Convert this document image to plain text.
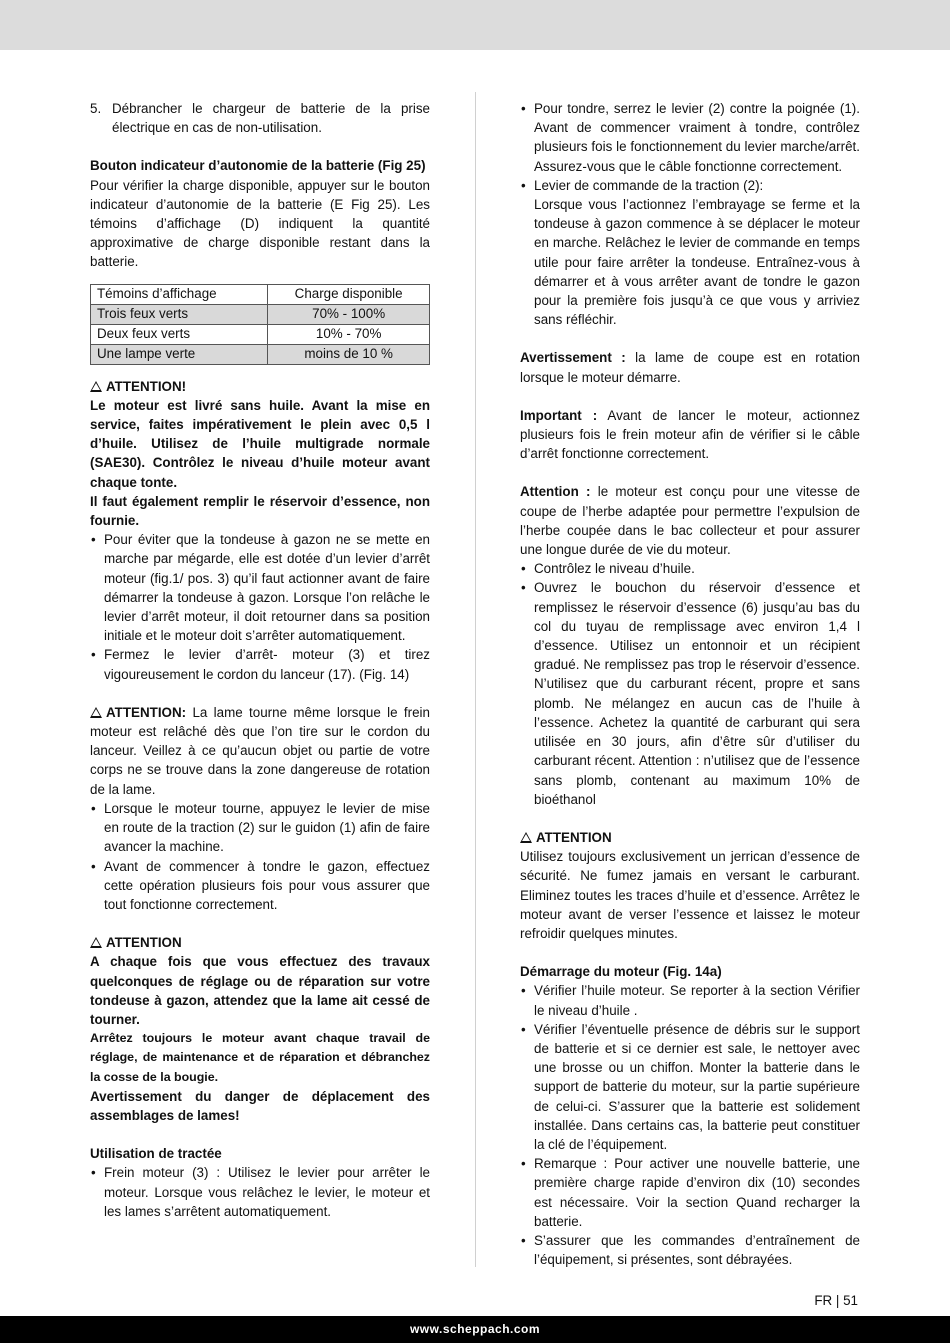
5. Débrancher le chargeur de batterie de la prise électrique en cas de non-utilisation.

Bouton indicateur d’autonomie de la batterie (Fig 25)

Pour vérifier la charge disponible, appuyer sur le bouton indicateur d’autonomie de la batterie (E Fig 25). Les témoins d’affichage (D) indiquent la quantité approximative de charge disponible restant dans la batterie.

Témoins d’affichage	Charge disponible
Trois feux verts	70% - 100%
Deux feux verts	10% - 70%
Une lampe verte	moins de 10 %

ATTENTION!

Le moteur est livré sans huile. Avant la mise en service, faites impérativement le plein avec 0,5 l d’huile. Utilisez de l’huile multigrade normale (SAE30). Contrôlez le niveau d’huile moteur avant chaque tonte.

Il faut également remplir le réservoir d’essence, non fournie.

• Pour éviter que la tondeuse à gazon ne se mette en marche par mégarde, elle est dotée d’un levier d’arrêt moteur (fig.1/ pos. 3) qu’il faut actionner avant de faire démarrer la tondeuse à gazon. Lorsque l’on relâche le levier d’arrêt moteur, il doit retourner dans sa position initiale et le moteur doit s’arrêter automatiquement.
• Fermez le levier d’arrêt- moteur (3) et tirez vigoureusement le cordon du lanceur (17). (Fig. 14)

ATTENTION: La lame tourne même lorsque le frein moteur est relâché dès que l’on tire sur le cordon du lanceur. Veillez à ce qu’aucun objet ou partie de votre corps ne se trouve dans la zone dangereuse de rotation de la lame.

• Lorsque le moteur tourne, appuyez le levier de mise en route de la traction (2) sur le guidon (1) afin de faire avancer la machine.
• Avant de commencer à tondre le gazon, effectuez cette opération plusieurs fois pour vous assurer que tout fonctionne correctement.

ATTENTION

A chaque fois que vous effectuez des travaux quelconques de réglage ou de réparation sur votre tondeuse à gazon, attendez que la lame ait cessé de tourner.

Arrêtez toujours le moteur avant chaque travail de réglage, de maintenance et de réparation et débranchez la cosse de la bougie.

Avertissement du danger de déplacement des assemblages de lames!

Utilisation de tractée

• Frein moteur (3) : Utilisez le levier pour arrêter le moteur. Lorsque vous relâchez le levier, le moteur et les lames s’arrêtent automatiquement.
• Pour tondre, serrez le levier (2) contre la poignée (1). Avant de commencer vraiment à tondre, contrôlez plusieurs fois le fonctionnement du levier marche/arrêt. Assurez-vous que le câble fonctionne correctement.
• Levier de commande de la traction (2):

Lorsque vous l’actionnez l’embrayage se ferme et la tondeuse à gazon commence à se déplacer le moteur en marche. Relâchez le levier de commande en temps utile pour faire arrêter la tondeuse. Entraînez-vous à démarrer et à vous arrêter avant de tondre le gazon pour la première fois jusqu’à ce que vous y arriviez sans réfléchir.

Avertissement : la lame de coupe est en rotation lorsque le moteur démarre.

Important : Avant de lancer le moteur, actionnez plusieurs fois le frein moteur afin de vérifier si le câble d’arrêt fonctionne correctement.

Attention : le moteur est conçu pour une vitesse de coupe de l’herbe adaptée pour permettre l’expulsion de l’herbe coupée dans le bac collecteur et pour assurer une longue durée de vie du moteur.

• Contrôlez le niveau d’huile.
• Ouvrez le bouchon du réservoir d’essence et remplissez le réservoir d’essence (6) jusqu’au bas du col du tuyau de remplissage avec environ 1,4 l d’essence. Utilisez un entonnoir et un récipient gradué. Ne remplissez pas trop le réservoir d’essence. N’utilisez que du carburant récent, propre et sans plomb. Ne mélangez en aucun cas de l’huile à l’essence. Achetez la quantité de carburant qui sera utilisée en 30 jours, afin d’être sûr d’utiliser du carburant récent. Attention : n’utilisez que de l’essence sans plomb, contenant au maximum 10% de bioéthanol

ATTENTION

Utilisez toujours exclusivement un jerrican d’essence de sécurité. Ne fumez jamais en versant le carburant. Eliminez toutes les traces d’huile et d’essence. Arrêtez le moteur avant de verser l’essence et laissez le moteur refroidir quelques minutes.

Démarrage du moteur (Fig. 14a)

• Vérifier l’huile moteur. Se reporter à la section Vérifier le niveau d’huile .
• Vérifier l’éventuelle présence de débris sur le support de batterie et si ce dernier est sale, le nettoyer avec une brosse ou un chiffon. Monter la batterie dans le support de batterie du moteur, sur la partie supérieure de celui-ci. S’assurer que la batterie est solidement installée. Dans certains cas, la batterie peut constituer la clé de l’équipement.
• Remarque : Pour activer une nouvelle batterie, une première charge rapide d’environ dix (10) secondes est nécessaire. Voir la section Quand recharger la batterie.
• S’assurer que les commandes d’entraînement de l’équipement, si présentes, sont débrayées.
FR | 51
www.scheppach.com
